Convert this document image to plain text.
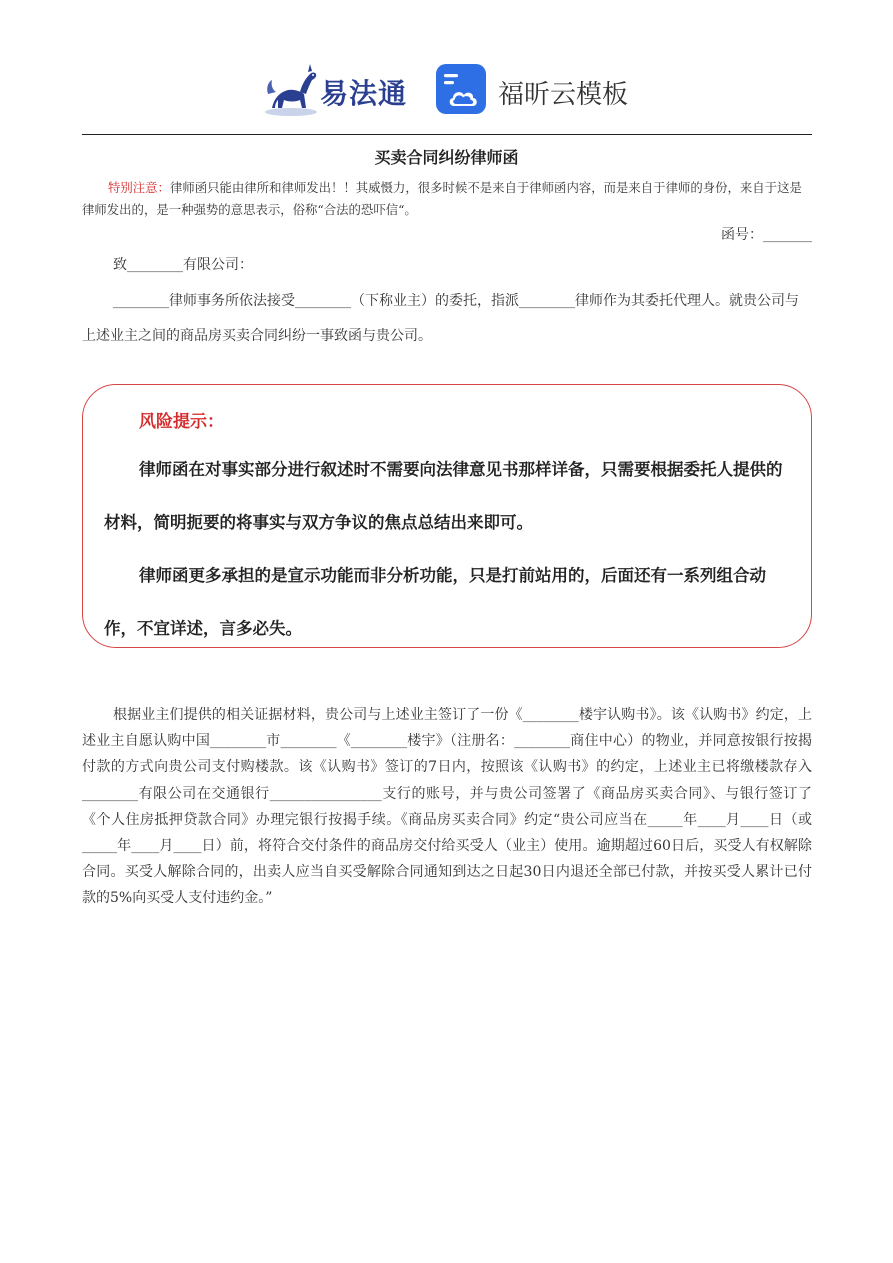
易法通	福昕云模板
买卖合同纠纷律师函
特别注意：律师函只能由律所和律师发出！！其威慑力，很多时候不是来自于律师函内容，而是来自于律师的身份，来自于这是律师发出的，是一种强势的意思表示，俗称“合法的恐吓信“。
函号：_______
致________有限公司：
________律师事务所依法接受________（下称业主）的委托，指派________律师作为其委托代理人。就贵公司与上述业主之间的商品房买卖合同纠纷一事致函与贵公司。
风险提示：
律师函在对事实部分进行叙述时不需要向法律意见书那样详备，只需要根据委托人提供的材料，简明扼要的将事实与双方争议的焦点总结出来即可。
律师函更多承担的是宣示功能而非分析功能，只是打前站用的，后面还有一系列组合动作，不宜详述，言多必失。
根据业主们提供的相关证据材料，贵公司与上述业主签订了一份《________楼宇认购书》。该《认购书》约定，上述业主自愿认购中国________市________《________楼宇》（注册名：________商住中心）的物业，并同意按银行按揭付款的方式向贵公司支付购楼款。该《认购书》签订的7日内，按照该《认购书》的约定，上述业主已将缴楼款存入________有限公司在交通银行________________支行的账号，并与贵公司签署了《商品房买卖合同》、与银行签订了《个人住房抵押贷款合同》办理完银行按揭手续。《商品房买卖合同》约定“贵公司应当在_____年____月____日（或_____年____月____日）前，将符合交付条件的商品房交付给买受人（业主）使用。逾期超过60日后，买受人有权解除合同。买受人解除合同的，出卖人应当自买受解除合同通知到达之日起30日内退还全部已付款，并按买受人累计已付款的5%向买受人支付违约金。”
